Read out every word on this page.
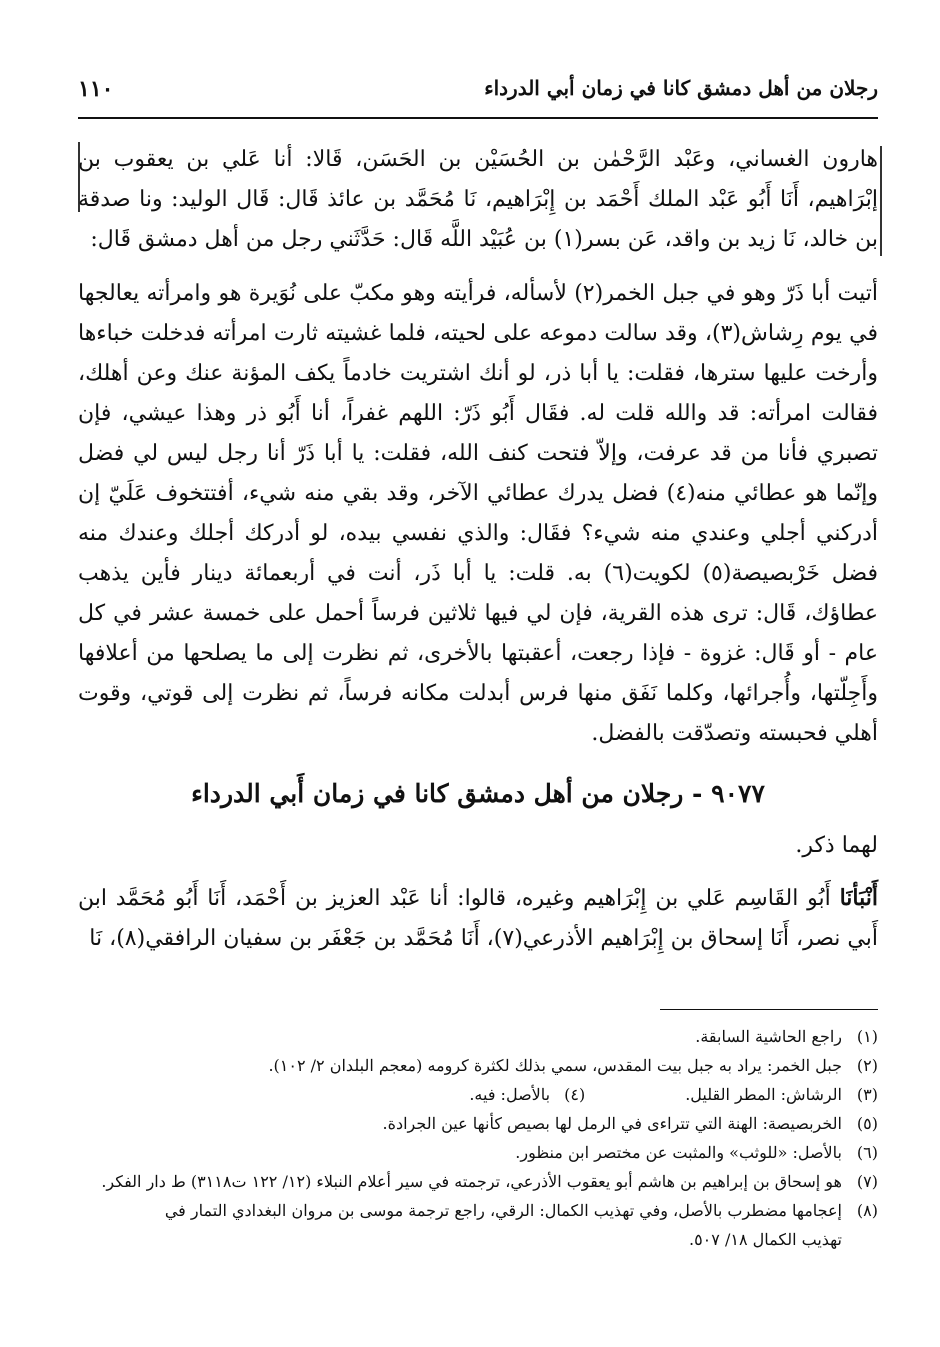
رجلان من أهل دمشق كانا في زمان أبي الدرداء
١١٠

هارون الغساني، وعَبْد الرَّحْمٰن بن الحُسَيْن بن الحَسَن، قَالا: أنا عَلي بن يعقوب بن إبْرَاهيم، أَنَا أَبُو عَبْد الملك أَحْمَد بن إِبْرَاهيم، نَا مُحَمَّد بن عائذ قَال: قَال الوليد: ونا صدقة بن خالد، نَا زيد بن واقد، عَن بسر(١) بن عُبَيْد اللَّه قَال: حَدَّثَني رجل من أهل دمشق قَال:

أتيت أبا ذَرّ وهو في جبل الخمر(٢) لأسأله، فرأيته وهو مكبّ على نُوَيرة هو وامرأته يعالجها في يوم رِشاش(٣)، وقد سالت دموعه على لحيته، فلما غشيته ثارت امرأته فدخلت خباءها وأرخت عليها سترها، فقلت: يا أبا ذر، لو أنك اشتريت خادماً يكف المؤنة عنك وعن أهلك، فقالت امرأته: قد والله قلت له. فقَال أَبُو ذَرّ: اللهم غفراً، أنا أَبُو ذر وهذا عيشي، فإن تصبري فأنا من قد عرفت، وإلاّ فتحت كنف الله، فقلت: يا أبا ذَرّ أنا رجل ليس لي فضل وإنّما هو عطائي منه(٤) فضل يدرك عطائي الآخر، وقد بقي منه شيء، أفتتخوف عَلَيّ إن أدركني أجلي وعندي منه شيء؟ فقَال: والذي نفسي بيده، لو أدركك أجلك وعندك منه فضل خَرْبصيصة(٥) لكويت(٦) به. قلت: يا أبا ذَر، أنت في أربعمائة دينار فأين يذهب عطاؤك، قَال: ترى هذه القرية، فإن لي فيها ثلاثين فرساً أحمل على خمسة عشر في كل عام - أو قَال: غزوة - فإذا رجعت، أعقبتها بالأخرى، ثم نظرت إلى ما يصلحها من أعلافها وأَجِلّتها، وأُجرائها، وكلما نَفَق منها فرس أبدلت مكانه فرساً، ثم نظرت إلى قوتي، وقوت أهلي فحبسته وتصدّقت بالفضل.

٩٠٧٧ - رجلان من أهل دمشق كانا في زمان أَبي الدرداء

لهما ذكر.

أَنْبَأنَا أَبُو القَاسِم عَلي بن إِبْرَاهيم وغيره، قالوا: أنا عَبْد العزيز بن أَحْمَد، أَنَا أَبُو مُحَمَّد ابن أَبي نصر، أَنَا إسحاق بن إِبْرَاهيم الأذرعي(٧)، أَنَا مُحَمَّد بن جَعْفَر بن سفيان الرافقي(٨)، نَا

(١)
راجع الحاشية السابقة.
(٢)
جبل الخمر: يراد به جبل بيت المقدس، سمي بذلك لكثرة كرومه (معجم البلدان ٢/ ١٠٢).
(٣)
الرشاش: المطر القليل.
(٤)
بالأصل: فيه.
(٥)
الخربصيصة: الهنة التي تتراءى في الرمل لها بصيص كأنها عين الجرادة.
(٦)
بالأصل: «للوثب» والمثبت عن مختصر ابن منظور.
(٧)
هو إسحاق بن إبراهيم بن هاشم أبو يعقوب الأذرعي، ترجمته في سير أعلام النبلاء (١٢/ ١٢٢ ت٣١١٨) ط دار الفكر.
(٨)
إعجامها مضطرب بالأصل، وفي تهذيب الكمال: الرقي، راجع ترجمة موسى بن مروان البغدادي التمار في
تهذيب الكمال ١٨/ ٥٠٧.
